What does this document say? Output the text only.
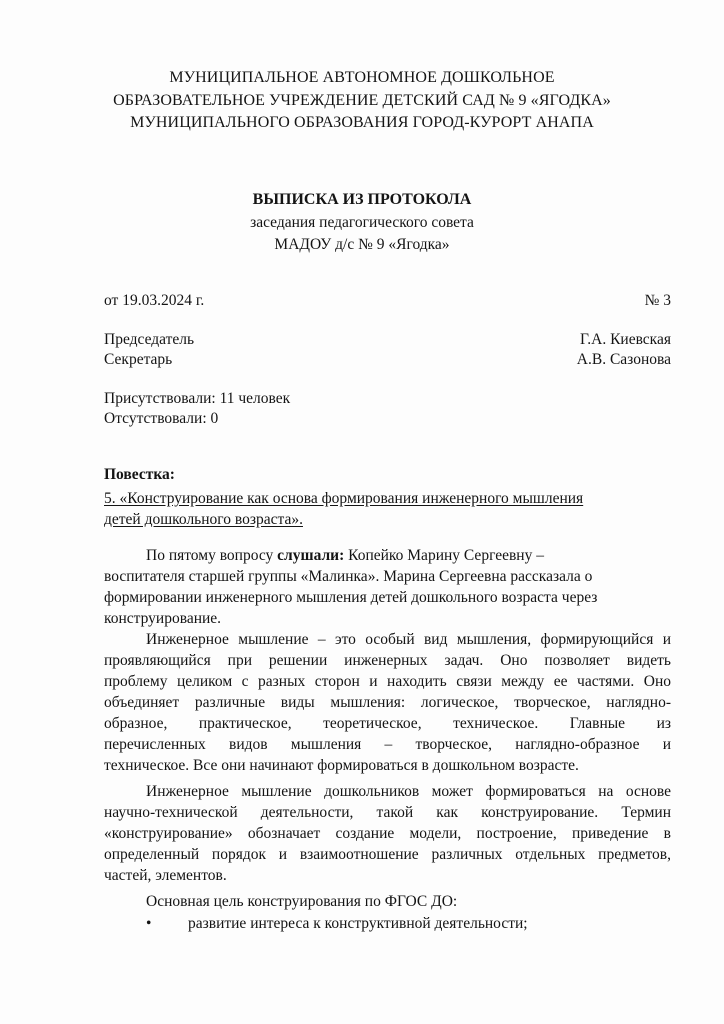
МУНИЦИПАЛЬНОЕ АВТОНОМНОЕ ДОШКОЛЬНОЕ
ОБРАЗОВАТЕЛЬНОЕ УЧРЕЖДЕНИЕ ДЕТСКИЙ САД № 9 «ЯГОДКА»
МУНИЦИПАЛЬНОГО ОБРАЗОВАНИЯ ГОРОД-КУРОРТ АНАПА
ВЫПИСКА ИЗ ПРОТОКОЛА
заседания педагогического совета
МАДОУ д/с № 9 «Ягодка»
от 19.03.2024 г.	№ 3
Председатель	Г.А. Киевская
Секретарь	А.В. Сазонова
Присутствовали: 11 человек
Отсутствовали: 0
Повестка:
5. «Конструирование как основа формирования инженерного мышления
детей дошкольного возраста».
По пятому вопросу слушали: Копейко Марину Сергеевну –
воспитателя старшей группы «Малинка». Марина Сергеевна рассказала о
формировании инженерного мышления детей дошкольного возраста через
конструирование.
Инженерное мышление – это особый вид мышления, формирующийся и
проявляющийся при решении инженерных задач. Оно позволяет видеть
проблему целиком с разных сторон и находить связи между ее частями. Оно
объединяет различные виды мышления: логическое, творческое, наглядно-
образное, практическое, теоретическое, техническое. Главные из
перечисленных видов мышления – творческое, наглядно-образное и
техническое. Все они начинают формироваться в дошкольном возрасте.
Инженерное мышление дошкольников может формироваться на основе
научно-технической деятельности, такой как конструирование. Термин
«конструирование» обозначает создание модели, построение, приведение в
определенный порядок и взаимоотношение различных отдельных предметов,
частей, элементов.
Основная цель конструирования по ФГОС ДО:
• развитие интереса к конструктивной деятельности;
